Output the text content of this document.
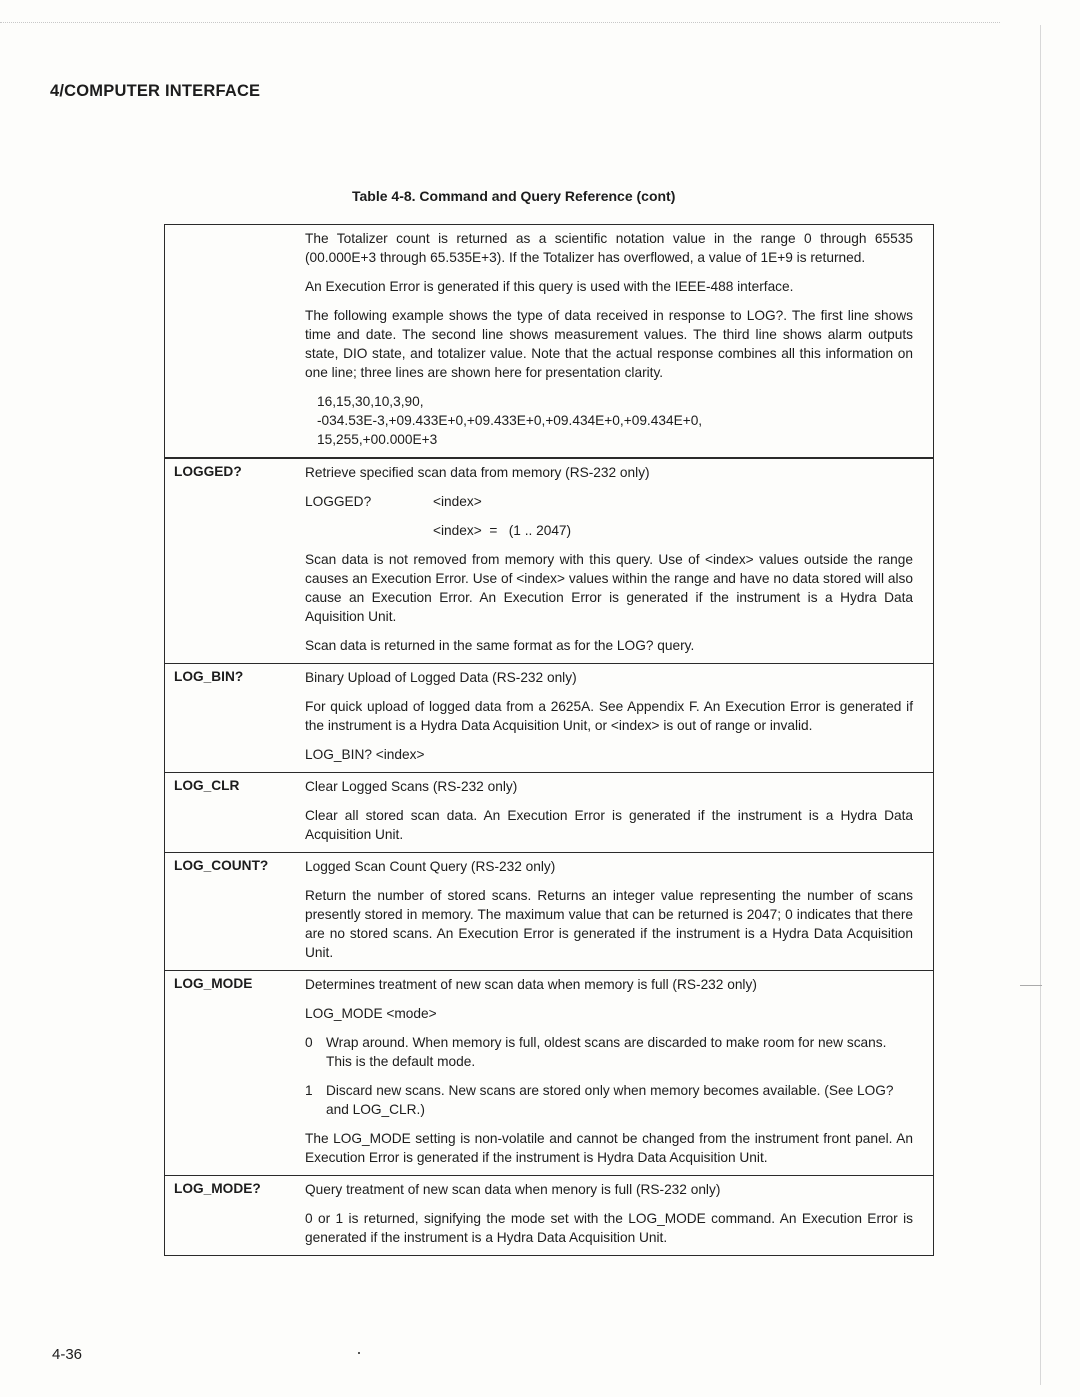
4/COMPUTER INTERFACE
Table 4-8. Command and Query Reference (cont)

The Totalizer count is returned as a scientific notation value in the range 0 through 65535 (00.000E+3 through 65.535E+3). If the Totalizer has overflowed, a value of 1E+9 is returned.

An Execution Error is generated if this query is used with the IEEE-488 interface.

The following example shows the type of data received in response to LOG?. The first line shows time and date. The second line shows measurement values. The third line shows alarm outputs state, DIO state, and totalizer value. Note that the actual response combines all this information on one line; three lines are shown here for presentation clarity.

16,15,30,10,3,90,
-034.53E-3,+09.433E+0,+09.433E+0,+09.434E+0,+09.434E+0,
15,255,+00.000E+3
LOGGED?	Retrieve specified scan data from memory (RS-232 only)

LOGGED?	<index>
<index>  =   (1 .. 2047)

Scan data is not removed from memory with this query. Use of <index> values outside the range causes an Execution Error. Use of <index> values within the range and have no data stored will also cause an Execution Error. An Execution Error is generated if the instrument is a Hydra Data Aquisition Unit.

Scan data is returned in the same format as for the LOG? query.

LOG_BIN?	Binary Upload of Logged Data (RS-232 only)

For quick upload of logged data from a 2625A. See Appendix F. An Execution Error is generated if the instrument is a Hydra Data Acquisition Unit, or <index> is out of range or invalid.

LOG_BIN? <index>

LOG_CLR	Clear Logged Scans (RS-232 only)

Clear all stored scan data. An Execution Error is generated if the instrument is a Hydra Data Acquisition Unit.

LOG_COUNT?	Logged Scan Count Query (RS-232 only)

Return the number of stored scans. Returns an integer value representing the number of scans presently stored in memory. The maximum value that can be returned is 2047; 0 indicates that there are no stored scans. An Execution Error is generated if the instrument is a Hydra Data Acquisition Unit.

LOG_MODE	Determines treatment of new scan data when memory is full (RS-232 only)

LOG_MODE <mode>

0 Wrap around. When memory is full, oldest scans are discarded to make room for new scans. This is the default mode.
1 Discard new scans. New scans are stored only when memory becomes available. (See LOG? and LOG_CLR.)

The LOG_MODE setting is non-volatile and cannot be changed from the instrument front panel. An Execution Error is generated if the instrument is Hydra Data Acquisition Unit.

LOG_MODE?	Query treatment of new scan data when menory is full (RS-232 only)

0 or 1 is returned, signifying the mode set with the LOG_MODE command. An Execution Error is generated if the instrument is a Hydra Data Acquisition Unit.

4-36
